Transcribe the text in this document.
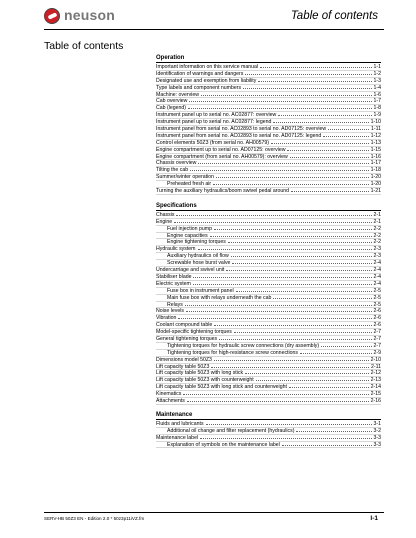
neuson	Table of contents
Table of contents
Operation
Important information on this service manual	1-1
Identification of warnings and dangers	1-2
Designated use and exemption from liability	1-3
Type labels and component numbers	1-4
Machine: overview	1-6
Cab overview	1-7
Cab (legend)	1-8
Instrument panel up to serial no. AC02877: overview	1-9
Instrument panel up to serial no. AC02877: legend	1-10
Instrument panel from serial no. AC02893 to serial no. AD07125: overview	1-11
Instrument panel from serial no. AC02893 to serial no. AD07125: legend	1-12
Control elements 50Z3 (from serial no. AH00579)	1-13
Engine compartment up to serial no. AD07125: overview	1-15
Engine compartment (from serial no. AH00579): overview	1-16
Chassis overview	1-17
Tilting the cab	1-18
Summer/winter operation	1-20
Preheated fresh air	1-20
Turning the auxiliary hydraulics/boom swivel pedal around	1-21
Specifications
Chassis	2-1
Engine	2-1
Fuel injection pump	2-2
Engine capacities	2-2
Engine tightening torques	2-2
Hydraulic system	2-3
Auxiliary hydraulics oil flow	2-3
Screwable hose burst valve	2-4
Undercarriage and swivel unit	2-4
Stabiliser blade	2-4
Electric system	2-4
Fuse box in instrument panel	2-5
Main fuse box with relays underneath the cab	2-5
Relays	2-5
Noise levels	2-6
Vibration	2-6
Coolant compound table	2-6
Model-specific tightening torques	2-7
General tightening torques	2-7
Tightening torques for hydraulic screw connections (dry assembly)	2-7
Tightening torques for high-resistance screw connections	2-9
Dimensions model 50Z3	2-10
Lift capacity table 50Z3	2-11
Lift capacity table 50Z3 with long stick	2-12
Lift capacity table 50Z3 with counterweight	2-13
Lift capacity table 50Z3 with long stick and counterweight	2-14
Kinematics	2-15
Attachments	2-16
Maintenance
Fluids and lubricants	3-1
Additional oil change and filter replacement (hydraulics)	3-2
Maintenance label	3-3
Explanation of symbols on the maintenance label	3-3
SERV-HB 50Z3 EN - Edition 2.0 * 50z3p11iVZ.fm	I-1
